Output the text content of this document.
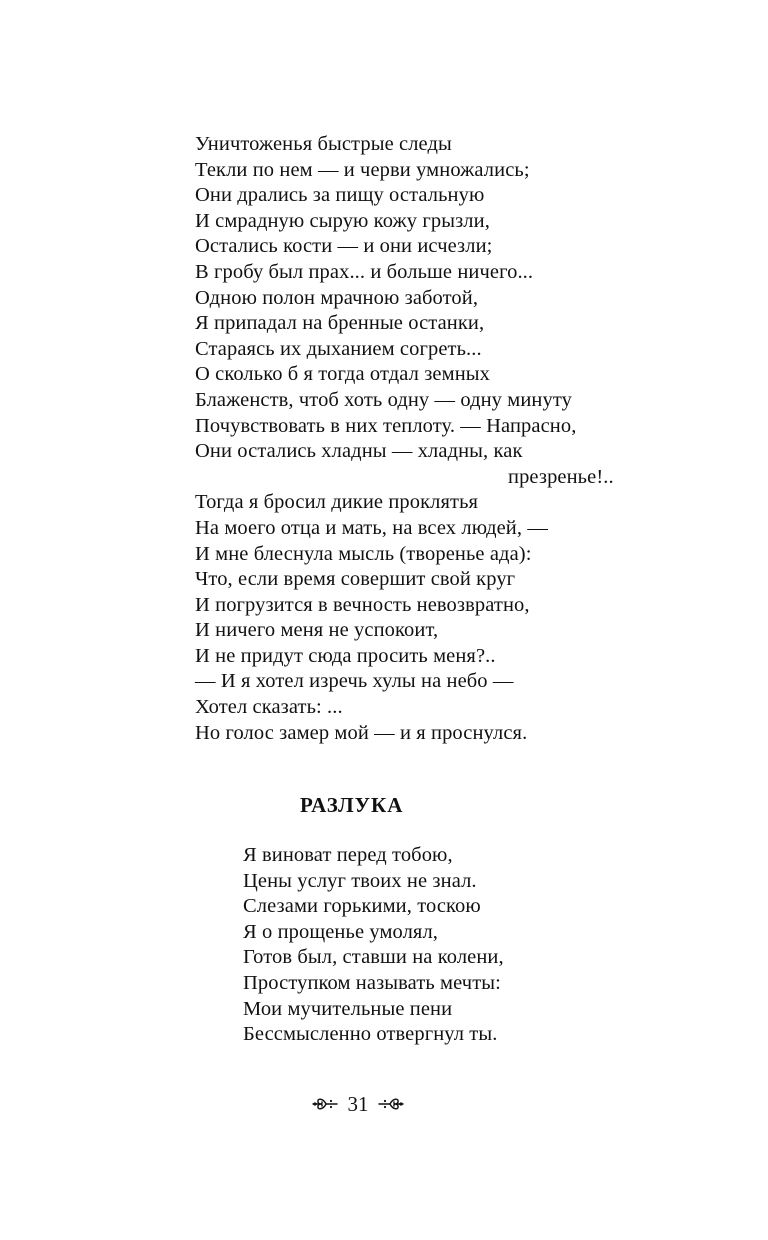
Уничтоженья быстрые следы
Текли по нем — и черви умножались;
Они дрались за пищу остальную
И смрадную сырую кожу грызли,
Остались кости — и они исчезли;
В гробу был прах... и больше ничего...
Одною полон мрачною заботой,
Я припадал на бренные останки,
Стараясь их дыханием согреть...
О сколько б я тогда отдал земных
Блаженств, чтоб хоть одну — одну минуту
Почувствовать в них теплоту. — Напрасно,
Они остались хладны — хладны, как
презренье!..
Тогда я бросил дикие проклятья
На моего отца и мать, на всех людей, —
И мне блеснула мысль (творенье ада):
Что, если время совершит свой круг
И погрузится в вечность невозвратно,
И ничего меня не успокоит,
И не придут сюда просить меня?..
— И я хотел изречь хулы на небо —
Хотел сказать: ...
Но голос замер мой — и я проснулся.
РАЗЛУКА
Я виноват перед тобою,
Цены услуг твоих не знал.
Слезами горькими, тоскою
Я о прощенье умолял,
Готов был, ставши на колени,
Проступком называть мечты:
Мои мучительные пени
Бессмысленно отвергнул ты.
31
